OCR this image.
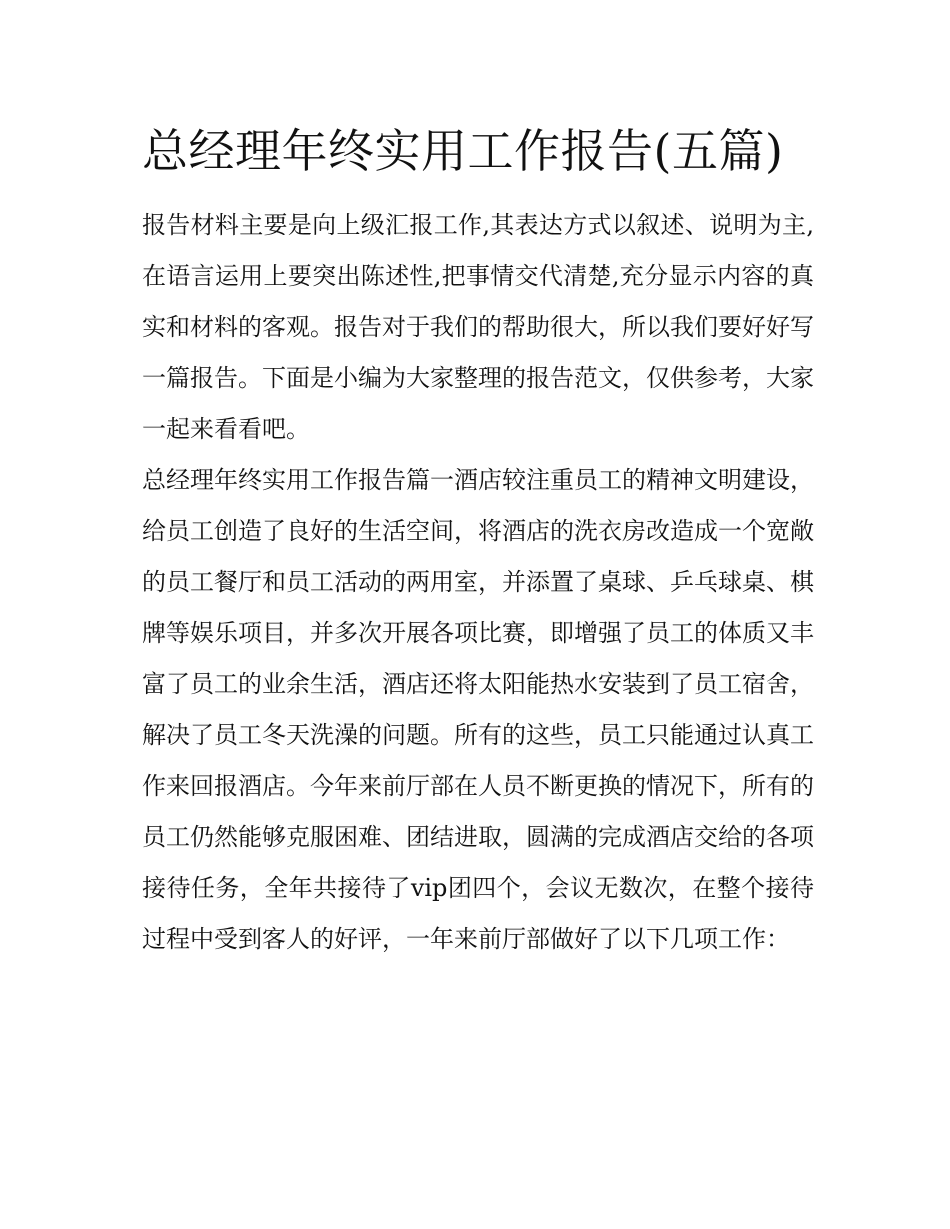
总经理年终实用工作报告(五篇)

报告材料主要是向上级汇报工作,其表达方式以叙述、说明为主,在语言运用上要突出陈述性,把事情交代清楚,充分显示内容的真实和材料的客观。报告对于我们的帮助很大，所以我们要好好写一篇报告。下面是小编为大家整理的报告范文，仅供参考，大家一起来看看吧。

总经理年终实用工作报告篇一酒店较注重员工的精神文明建设，给员工创造了良好的生活空间，将酒店的洗衣房改造成一个宽敞的员工餐厅和员工活动的两用室，并添置了桌球、乒乓球桌、棋牌等娱乐项目，并多次开展各项比赛，即增强了员工的体质又丰富了员工的业余生活，酒店还将太阳能热水安装到了员工宿舍，解决了员工冬天洗澡的问题。所有的这些，员工只能通过认真工作来回报酒店。今年来前厅部在人员不断更换的情况下，所有的员工仍然能够克服困难、团结进取，圆满的完成酒店交给的各项接待任务，全年共接待了vip团四个，会议无数次，在整个接待过程中受到客人的好评，一年来前厅部做好了以下几项工作：
